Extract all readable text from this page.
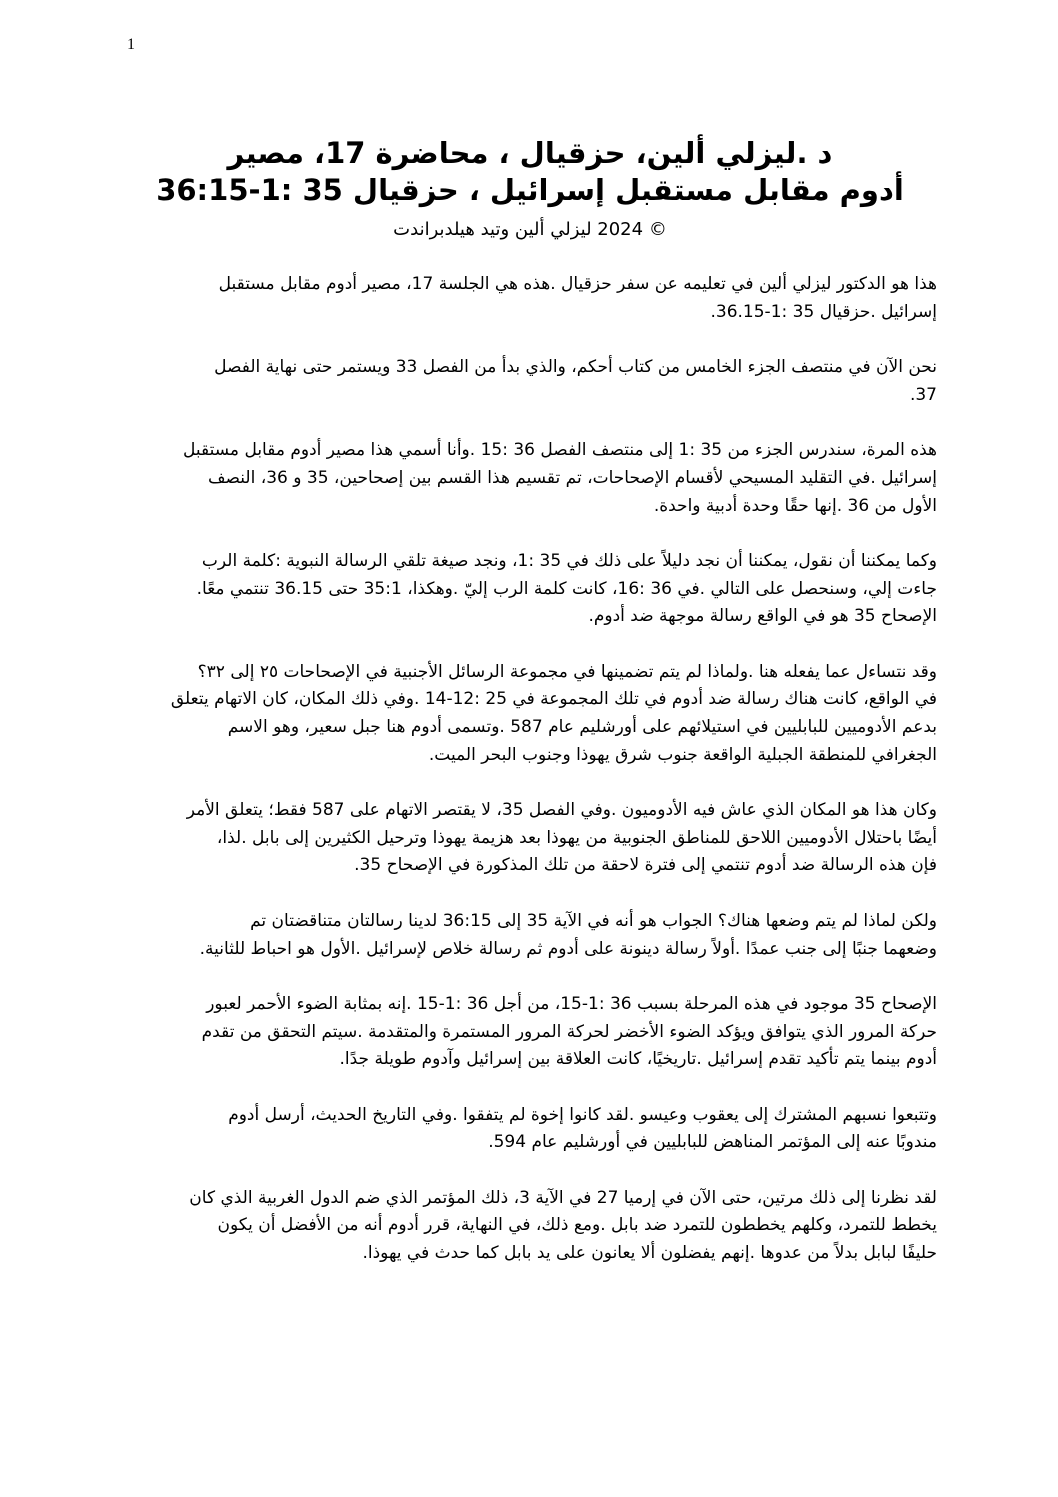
1
د .ليزلي ألين، حزقيال ، محاضرة 17، مصير
أدوم مقابل مستقبل إسرائيل ، حزقيال 35 :1-36:15
© 2024 ليزلي ألين وتيد هيلدبراندت
هذا هو الدكتور ليزلي ألين في تعليمه عن سفر حزقيال .هذه هي الجلسة 17، مصير أدوم مقابل مستقبل
إسرائيل .حزقيال 35 :1-36.15.
نحن الآن في منتصف الجزء الخامس من كتاب أحكم، والذي بدأ من الفصل 33 ويستمر حتى نهاية الفصل
37.
هذه المرة، سندرس الجزء من 35 :1 إلى منتصف الفصل 36 :15 .وأنا أسمي هذا مصير أدوم مقابل مستقبل
إسرائيل .في التقليد المسيحي لأقسام الإصحاحات، تم تقسيم هذا القسم بين إصحاحين، 35 و 36، النصف
الأول من 36 .إنها حقًا وحدة أدبية واحدة.
وكما يمكننا أن نقول، يمكننا أن نجد دليلاً على ذلك في 35 :1، ونجد صيغة تلقي الرسالة النبوية :كلمة الرب
جاءت إلي، وسنحصل على التالي .في 36 :16، كانت كلمة الرب إليّ .وهكذا، 35:1 حتى 36.15 تنتمي معًا.
الإصحاح 35 هو في الواقع رسالة موجهة ضد أدوم.
وقد نتساءل عما يفعله هنا .ولماذا لم يتم تضمينها في مجموعة الرسائل الأجنبية في الإصحاحات ٢٥ إلى ٣٢؟
في الواقع، كانت هناك رسالة ضد أدوم في تلك المجموعة في 25 :12-14 .وفي ذلك المكان، كان الاتهام يتعلق
بدعم الأدوميين للبابليين في استيلائهم على أورشليم عام 587 .وتسمى أدوم هنا جبل سعير، وهو الاسم
الجغرافي للمنطقة الجبلية الواقعة جنوب شرق يهوذا وجنوب البحر الميت.
وكان هذا هو المكان الذي عاش فيه الأدوميون .وفي الفصل 35، لا يقتصر الاتهام على 587 فقط؛ يتعلق الأمر
أيضًا باحتلال الأدوميين اللاحق للمناطق الجنوبية من يهوذا بعد هزيمة يهوذا وترحيل الكثيرين إلى بابل .لذا،
فإن هذه الرسالة ضد أدوم تنتمي إلى فترة لاحقة من تلك المذكورة في الإصحاح 35.
ولكن لماذا لم يتم وضعها هناك؟ الجواب هو أنه في الآية 35 إلى 36:15 لدينا رسالتان متناقضتان تم
وضعهما جنبًا إلى جنب عمدًا .أولاً رسالة دينونة على أدوم ثم رسالة خلاص لإسرائيل .الأول هو احباط للثانية.
الإصحاح 35 موجود في هذه المرحلة بسبب 36 :1-15، من أجل 36 :1-15 .إنه بمثابة الضوء الأحمر لعبور
حركة المرور الذي يتوافق ويؤكد الضوء الأخضر لحركة المرور المستمرة والمتقدمة .سيتم التحقق من تقدم
أدوم بينما يتم تأكيد تقدم إسرائيل .تاريخيًا، كانت العلاقة بين إسرائيل وآدوم طويلة جدًا.
وتتبعوا نسبهم المشترك إلى يعقوب وعيسو .لقد كانوا إخوة لم يتفقوا .وفي التاريخ الحديث، أرسل أدوم
مندوبًا عنه إلى المؤتمر المناهض للبابليين في أورشليم عام 594.
لقد نظرنا إلى ذلك مرتين، حتى الآن في إرميا 27 في الآية 3، ذلك المؤتمر الذي ضم الدول الغربية الذي كان
يخطط للتمرد، وكلهم يخططون للتمرد ضد بابل .ومع ذلك، في النهاية، قرر أدوم أنه من الأفضل أن يكون
حليفًا لبابل بدلاً من عدوها .إنهم يفضلون ألا يعانون على يد بابل كما حدث في يهوذا.
